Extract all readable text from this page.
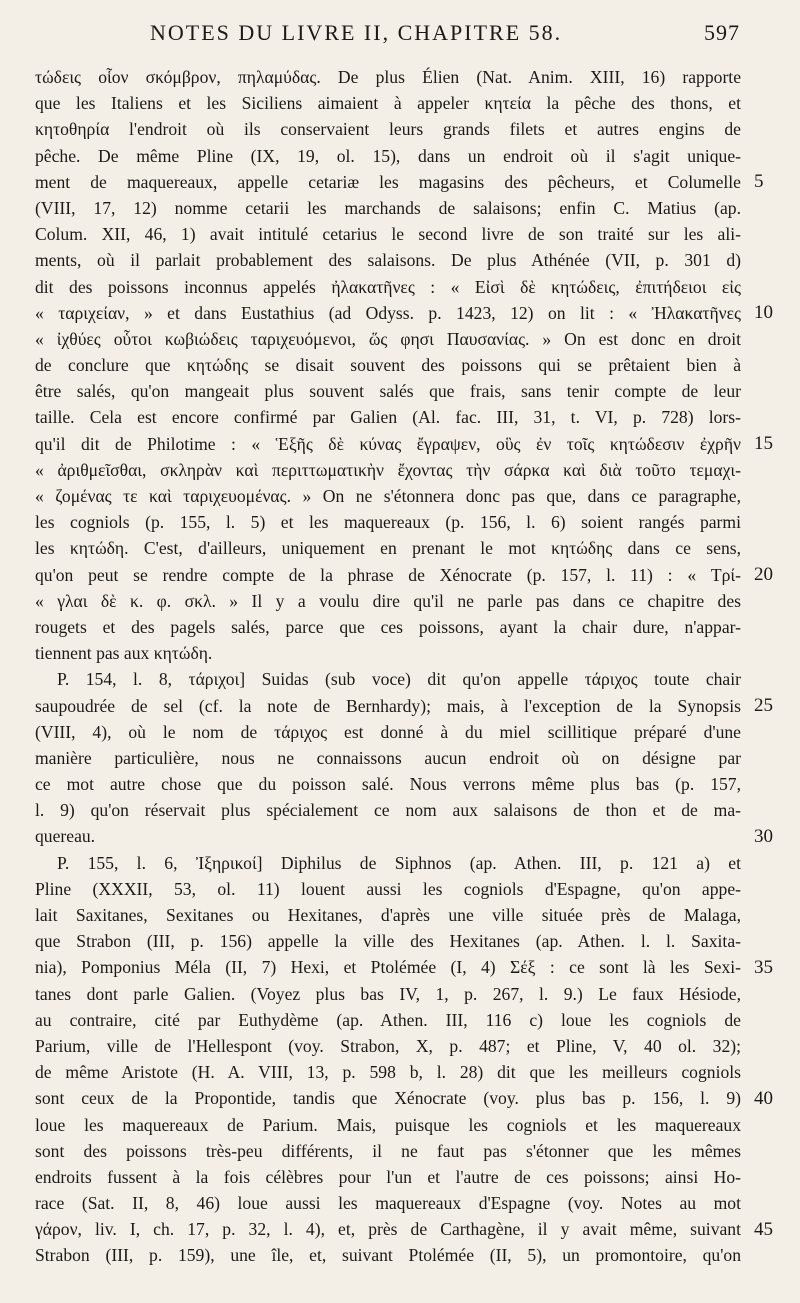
NOTES DU LIVRE II, CHAPITRE 58.	597
τώδεις οἷον σκόμβρον, πηλαμύδας. De plus Élien (Nat. Anim. XIII, 16) rapporte
que les Italiens et les Siciliens aimaient à appeler κητεία la pêche des thons, et
κητοθηρία l'endroit où ils conservaient leurs grands filets et autres engins de
pêche. De même Pline (IX, 19, ol. 15), dans un endroit où il s'agit unique-
ment de maquereaux, appelle cetariæ les magasins des pêcheurs, et Columelle
(VIII, 17, 12) nomme cetarii les marchands de salaisons; enfin C. Matius (ap.
Colum. XII, 46, 1) avait intitulé cetarius le second livre de son traité sur les ali-
ments, où il parlait probablement des salaisons. De plus Athénée (VII, p. 301 d)
dit des poissons inconnus appelés ἠλακατῆνες : « Εἰσὶ δὲ κητώδεις, ἐπιτήδειοι εἰς
« ταριχείαν, » et dans Eustathius (ad Odyss. p. 1423, 12) on lit : « Ἠλακατῆνες
« ἰχθύες οὗτοι κωβιώδεις ταριχευόμενοι, ὥς φησι Παυσανίας. » On est donc en droit
de conclure que κητώδης se disait souvent des poissons qui se prêtaient bien à
être salés, qu'on mangeait plus souvent salés que frais, sans tenir compte de leur
taille. Cela est encore confirmé par Galien (Al. fac. III, 31, t. VI, p. 728) lors-
qu'il dit de Philotime : « Ἑξῆς δὲ κύνας ἔγραψεν, οὓς ἐν τοῖς κητώδεσιν ἐχρῆν
« ἀριθμεῖσθαι, σκληρὰν καὶ περιττωματικὴν ἔχοντας τὴν σάρκα καὶ διὰ τοῦτο τεμαχι-
« ζομένας τε καὶ ταριχευομένας. » On ne s'étonnera donc pas que, dans ce paragraphe,
les cogniols (p. 155, l. 5) et les maquereaux (p. 156, l. 6) soient rangés parmi
les κητώδη. C'est, d'ailleurs, uniquement en prenant le mot κητώδης dans ce sens,
qu'on peut se rendre compte de la phrase de Xénocrate (p. 157, l. 11) : « Τρί-
« γλαι δὲ κ. φ. σκλ. » Il y a voulu dire qu'il ne parle pas dans ce chapitre des
rougets et des pagels salés, parce que ces poissons, ayant la chair dure, n'appar-
tiennent pas aux κητώδη.
P. 154, l. 8, τάριχοι] Suidas (sub voce) dit qu'on appelle τάριχος toute chair
saupoudrée de sel (cf. la note de Bernhardy); mais, à l'exception de la Synopsis
(VIII, 4), où le nom de τάριχος est donné à du miel scillitique préparé d'une
manière particulière, nous ne connaissons aucun endroit où on désigne par
ce mot autre chose que du poisson salé. Nous verrons même plus bas (p. 157,
l. 9) qu'on réservait plus spécialement ce nom aux salaisons de thon et de ma-
quereau.
P. 155, l. 6, Ἰξηρικοί] Diphilus de Siphnos (ap. Athen. III, p. 121 a) et
Pline (XXXII, 53, ol. 11) louent aussi les cogniols d'Espagne, qu'on appe-
lait Saxitanes, Sexitanes ou Hexitanes, d'après une ville située près de Malaga,
que Strabon (III, p. 156) appelle la ville des Hexitanes (ap. Athen. l. l. Saxita-
nia), Pomponius Méla (II, 7) Hexi, et Ptolémée (I, 4) Σέξ : ce sont là les Sexi-
tanes dont parle Galien. (Voyez plus bas IV, 1, p. 267, l. 9.) Le faux Hésiode,
au contraire, cité par Euthydème (ap. Athen. III, 116 c) loue les cogniols de
Parium, ville de l'Hellespont (voy. Strabon, X, p. 487; et Pline, V, 40 ol. 32);
de même Aristote (H. A. VIII, 13, p. 598 b, l. 28) dit que les meilleurs cogniols
sont ceux de la Propontide, tandis que Xénocrate (voy. plus bas p. 156, l. 9)
loue les maquereaux de Parium. Mais, puisque les cogniols et les maquereaux
sont des poissons très-peu différents, il ne faut pas s'étonner que les mêmes
endroits fussent à la fois célèbres pour l'un et l'autre de ces poissons; ainsi Ho-
race (Sat. II, 8, 46) loue aussi les maquereaux d'Espagne (voy. Notes au mot
γάρον, liv. I, ch. 17, p. 32, l. 4), et, près de Carthagène, il y avait même, suivant
Strabon (III, p. 159), une île, et, suivant Ptolémée (II, 5), un promontoire, qu'on
5
10
15
20
25
30
35
40
45
